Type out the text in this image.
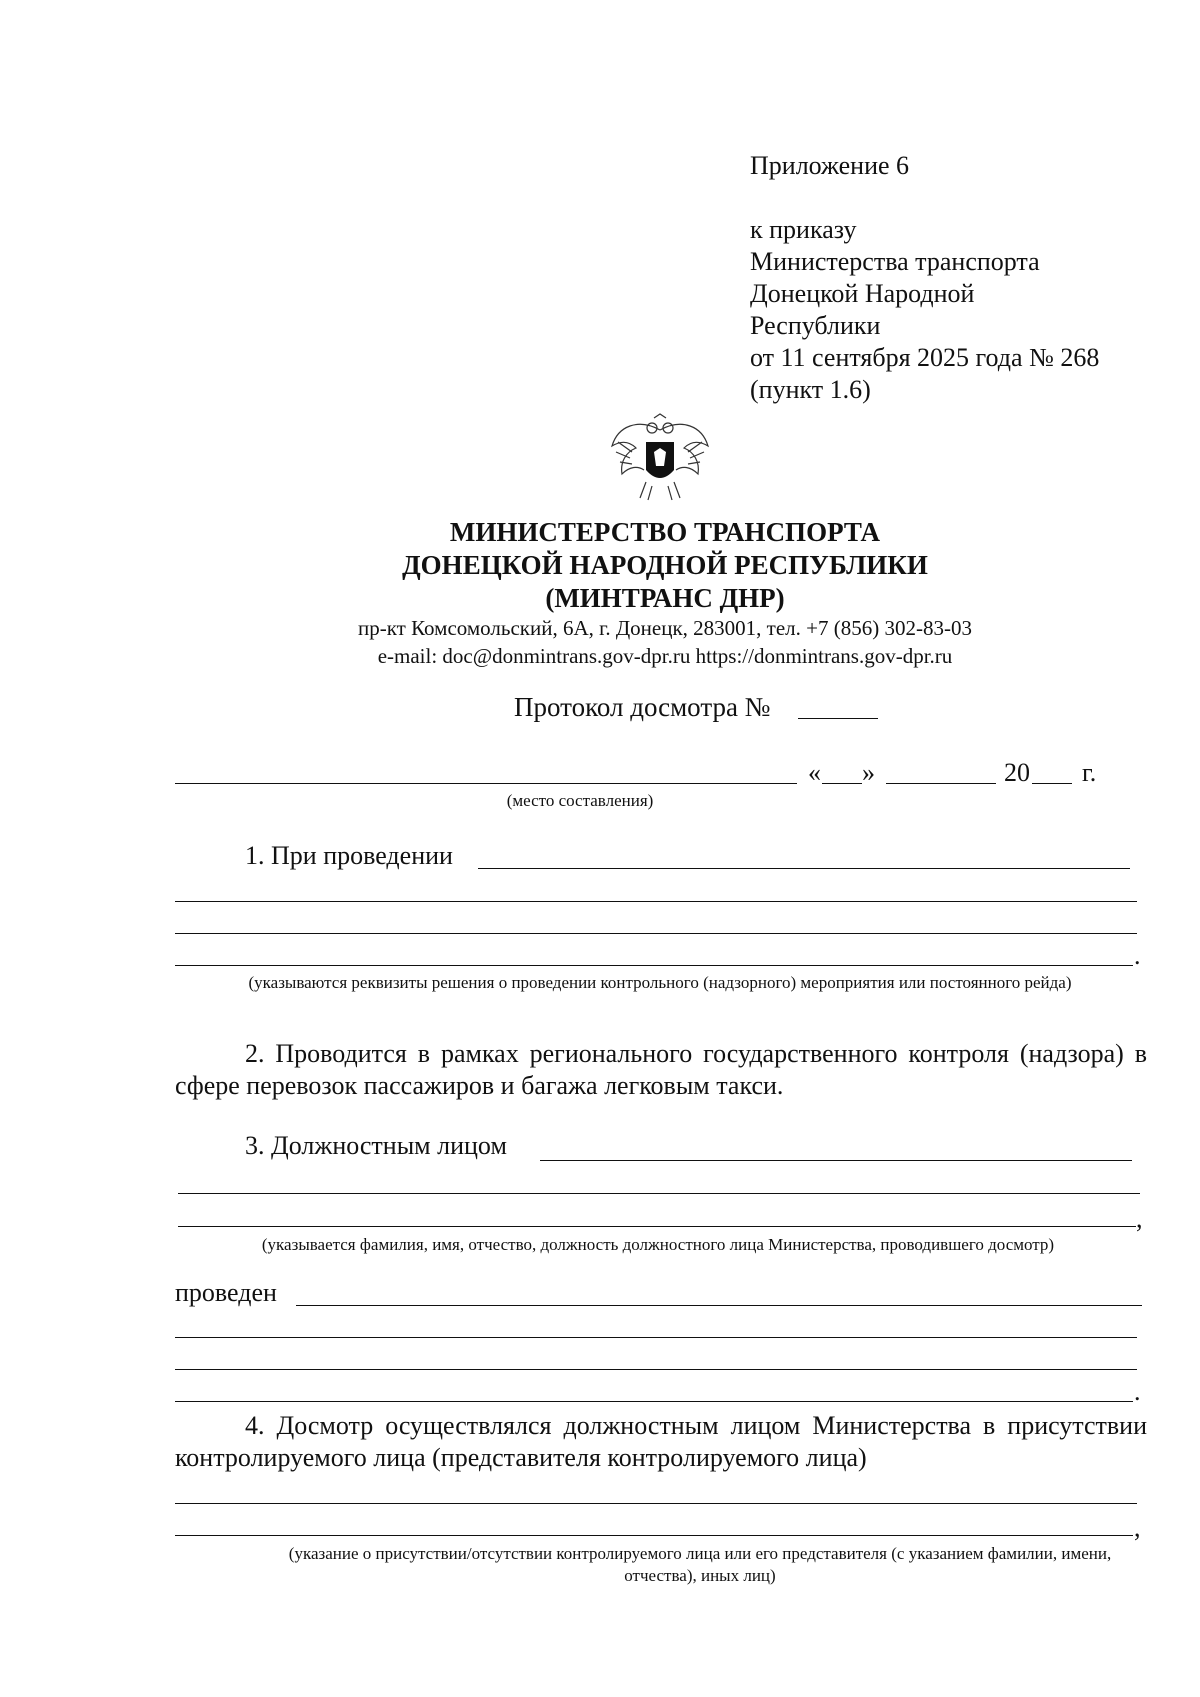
Приложение 6
к приказу
Министерства транспорта
Донецкой Народной
Республики
от 11 сентября 2025 года № 268
(пункт 1.6)
МИНИСТЕРСТВО ТРАНСПОРТА
ДОНЕЦКОЙ НАРОДНОЙ РЕСПУБЛИКИ
(МИНТРАНС ДНР)
пр-кт Комсомольский, 6А, г. Донецк, 283001, тел. +7 (856) 302-83-03
e-mail: doc@donmintrans.gov-dpr.ru https://donmintrans.gov-dpr.ru
Протокол досмотра №
« »	20 г.
(место составления)
1. При проведении
.
(указываются реквизиты решения о проведении контрольного (надзорного) мероприятия или постоянного рейда)
2. Проводится в рамках регионального государственного контроля (надзора) в сфере перевозок пассажиров и багажа легковым такси.
3. Должностным лицом
,
(указывается фамилия, имя, отчество, должность должностного лица Министерства, проводившего досмотр)
проведен
.
4. Досмотр осуществлялся должностным лицом Министерства в присутствии контролируемого лица (представителя контролируемого лица)
,
(указание о присутствии/отсутствии контролируемого лица или его представителя (с указанием фамилии, имени, отчества), иных лиц)
